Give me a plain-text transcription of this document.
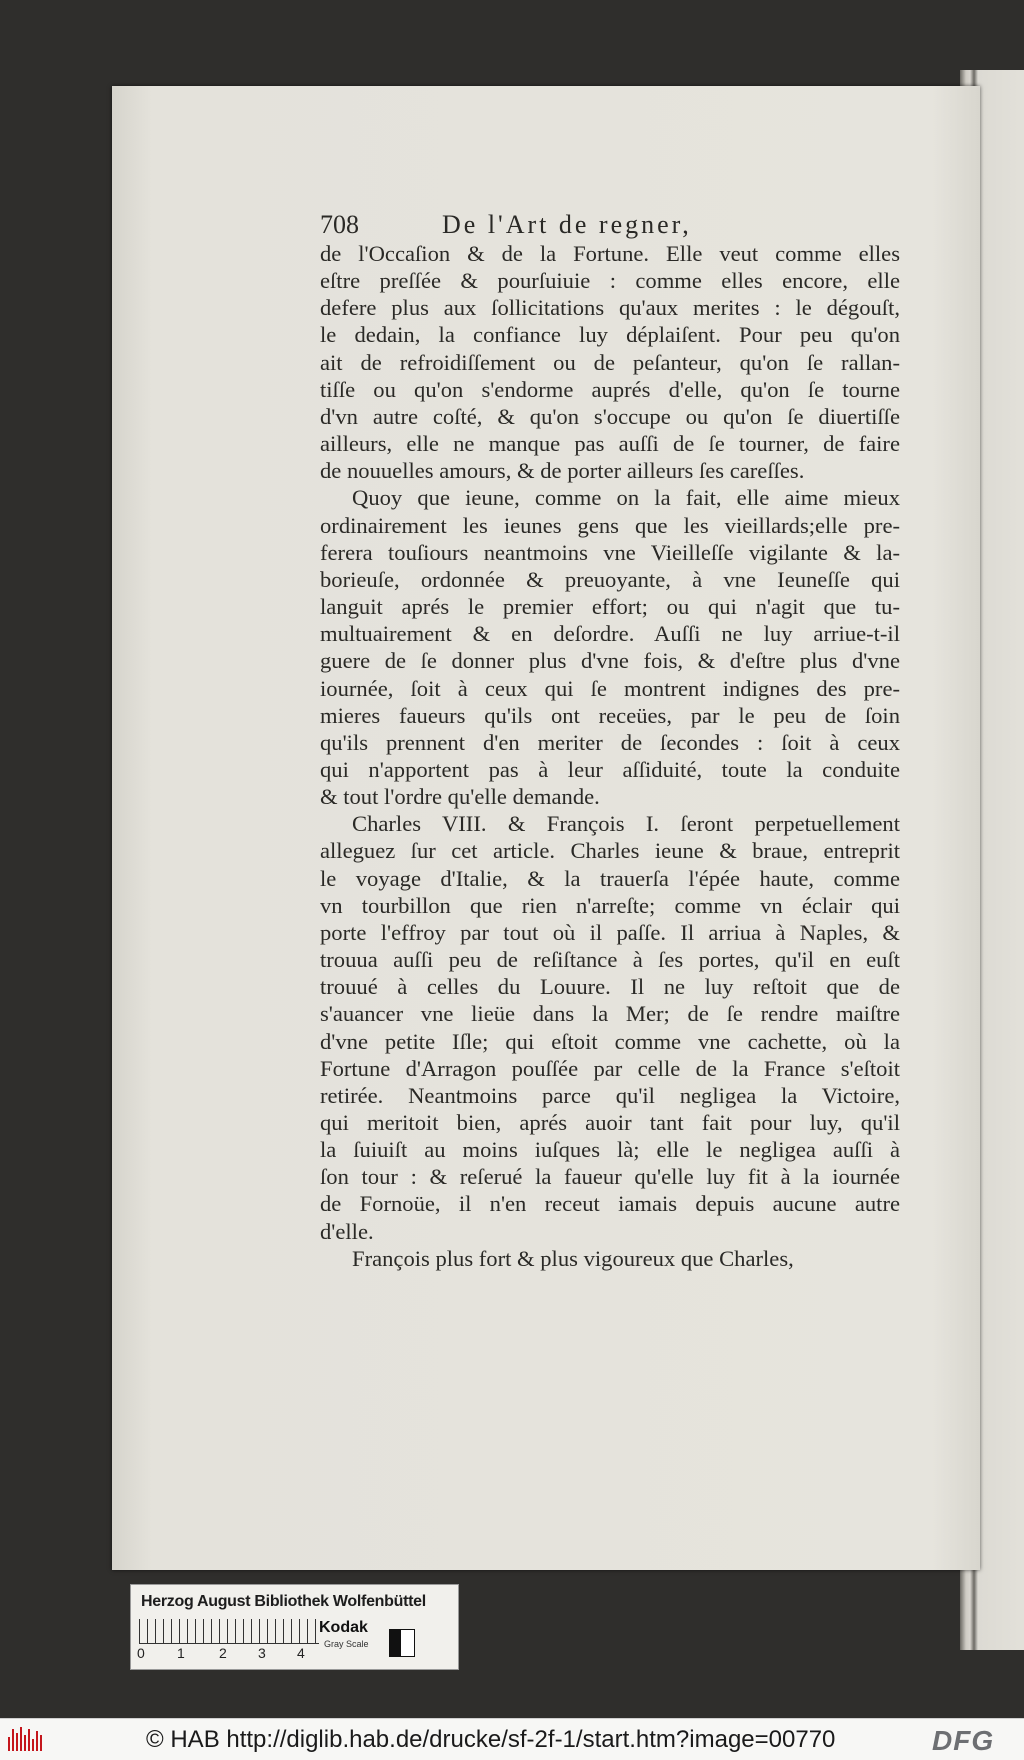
708	De l'Art de regner,
de l'Occaſion & de la Fortune. Elle veut comme elles
eſtre preſſée & pourſuiuie : comme elles encore, elle
defere plus aux ſollicitations qu'aux merites : le dégouſt,
le dedain, la confiance luy déplaiſent. Pour peu qu'on
ait de refroidiſſement ou de peſanteur, qu'on ſe rallan-
tiſſe ou qu'on s'endorme auprés d'elle, qu'on ſe tourne
d'vn autre coſté, & qu'on s'occupe ou qu'on ſe diuertiſſe
ailleurs, elle ne manque pas auſſi de ſe tourner, de faire
de nouuelles amours, & de porter ailleurs ſes careſſes.
Quoy que ieune, comme on la fait, elle aime mieux
ordinairement les ieunes gens que les vieillards;elle pre-
ferera touſiours neantmoins vne Vieilleſſe vigilante & la-
borieuſe, ordonnée & preuoyante, à vne Ieuneſſe qui
languit aprés le premier effort; ou qui n'agit que tu-
multuairement & en deſordre. Auſſi ne luy arriue-t-il
guere de ſe donner plus d'vne fois, & d'eſtre plus d'vne
iournée, ſoit à ceux qui ſe montrent indignes des pre-
mieres faueurs qu'ils ont receües, par le peu de ſoin
qu'ils prennent d'en meriter de ſecondes : ſoit à ceux
qui n'apportent pas à leur aſſiduité, toute la conduite
& tout l'ordre qu'elle demande.
Charles VIII. & François I. ſeront perpetuellement
alleguez ſur cet article. Charles ieune & braue, entreprit
le voyage d'Italie, & la trauerſa l'épée haute, comme
vn tourbillon que rien n'arreſte; comme vn éclair qui
porte l'effroy par tout où il paſſe. Il arriua à Naples, &
trouua auſſi peu de reſiſtance à ſes portes, qu'il en euſt
trouué à celles du Louure. Il ne luy reſtoit que de
s'auancer vne lieüe dans la Mer; de ſe rendre maiſtre
d'vne petite Iſle; qui eſtoit comme vne cachette, où la
Fortune d'Arragon pouſſée par celle de la France s'eſtoit
retirée. Neantmoins parce qu'il negligea la Victoire,
qui meritoit bien, aprés auoir tant fait pour luy, qu'il
la ſuiuiſt au moins iuſques là; elle le negligea auſſi à
ſon tour : & reſerué la faueur qu'elle luy fit à la iournée
de Fornoüe, il n'en receut iamais depuis aucune autre
d'elle.
François plus fort & plus vigoureux que Charles,
Herzog August Bibliothek Wolfenbüttel
0 1 2 3 4
Kodak
Gray Scale
© HAB http://diglib.hab.de/drucke/sf-2f-1/start.htm?image=00770	DFG
